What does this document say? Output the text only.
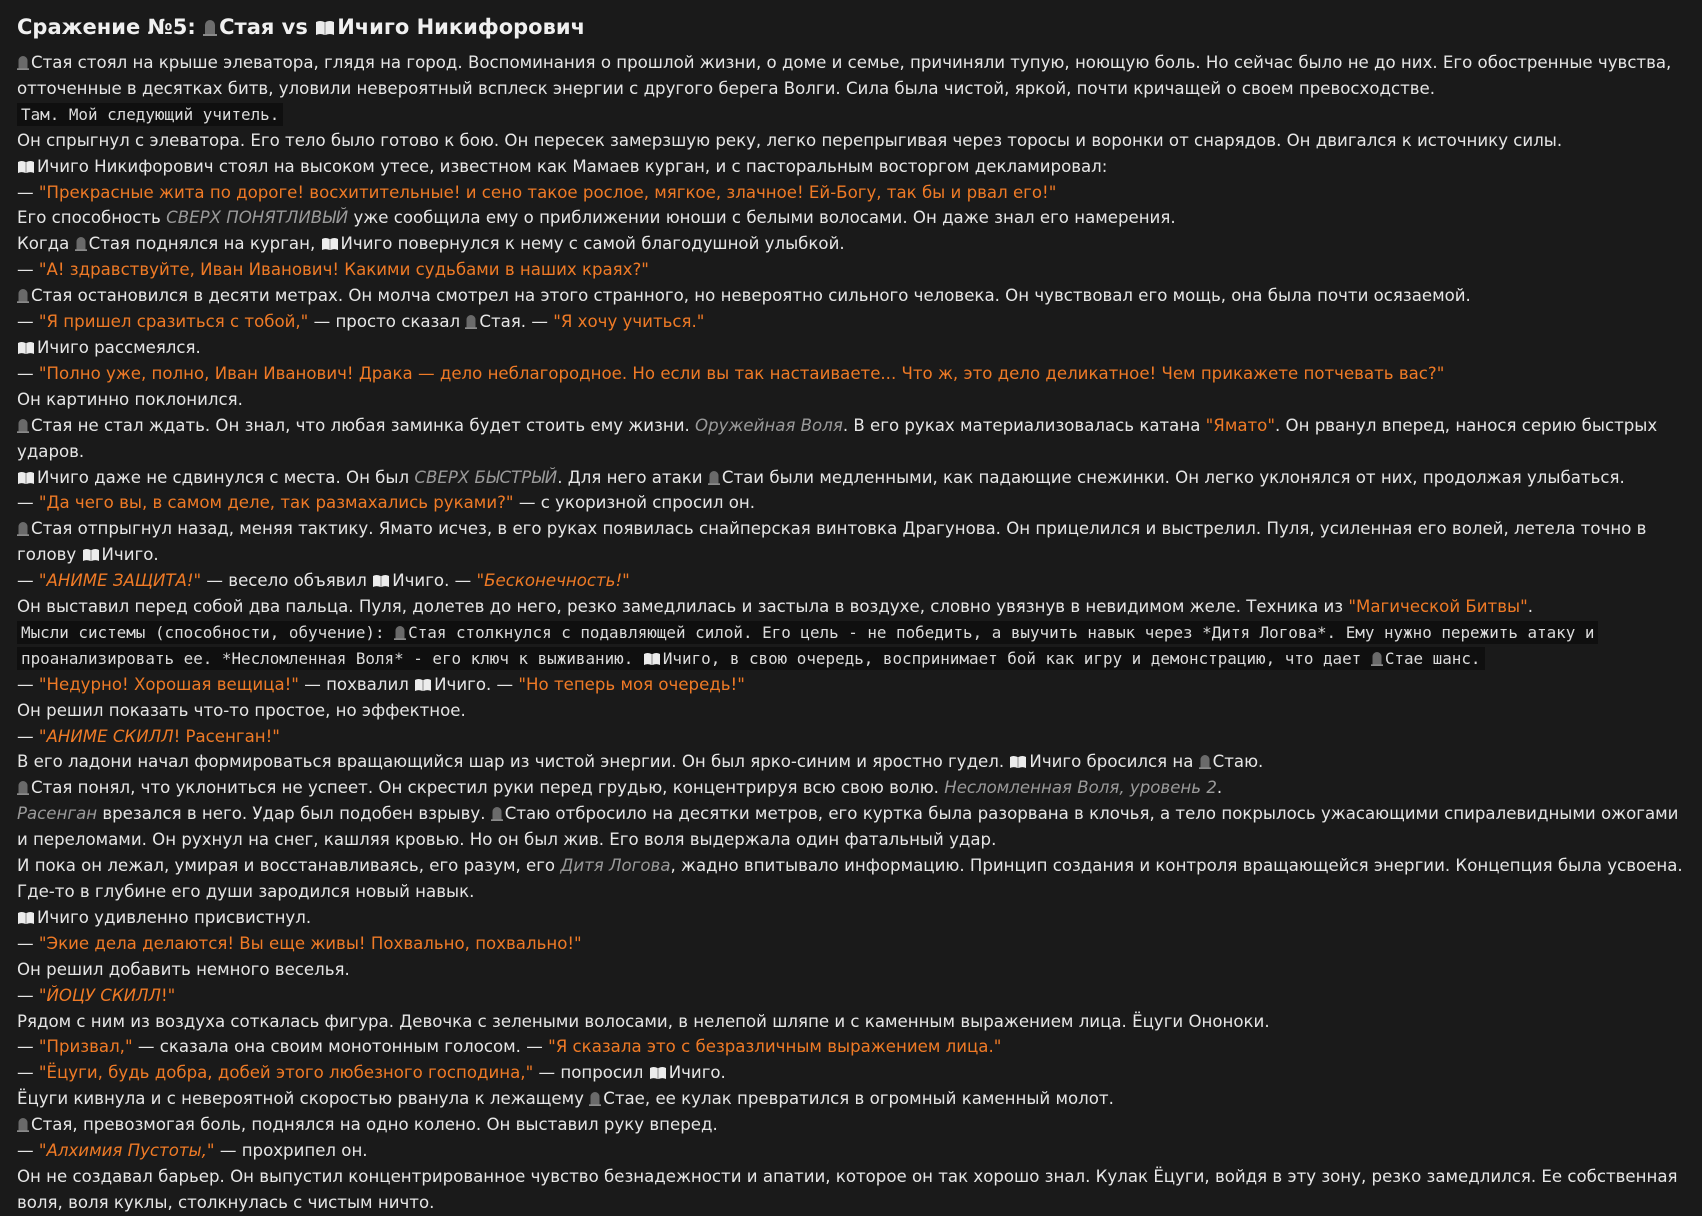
Сражение №5:
Стая vs
Ичиго Никифорович
Стая стоял на крыше элеватора, глядя на город. Воспоминания о прошлой жизни, о доме и семье, причиняли тупую, ноющую боль. Но сейчас было не до них. Его обостренные чувства, отточенные в десятках битв, уловили невероятный всплеск энергии с другого берега Волги. Сила была чистой, яркой, почти кричащей о своем превосходстве.
Там. Мой следующий учитель.
Он спрыгнул с элеватора. Его тело было готово к бою. Он пересек замерзшую реку, легко перепрыгивая через торосы и воронки от снарядов. Он двигался к источнику силы.
Ичиго Никифорович стоял на высоком утесе, известном как Мамаев курган, и с пасторальным восторгом декламировал:
— "Прекрасные жита по дороге! восхитительные! и сено такое рослое, мягкое, злачное! Ей-Богу, так бы и рвал его!"
Его способность СВЕРХ ПОНЯТЛИВЫЙ уже сообщила ему о приближении юноши с белыми волосами. Он даже знал его намерения.
Когда
Стая поднялся на курган,
Ичиго повернулся к нему с самой благодушной улыбкой.
— "А! здравствуйте, Иван Иванович! Какими судьбами в наших краях?"
Стая остановился в десяти метрах. Он молча смотрел на этого странного, но невероятно сильного человека. Он чувствовал его мощь, она была почти осязаемой.
— "Я пришел сразиться с тобой," — просто сказал
Стая. — "Я хочу учиться."
Ичиго рассмеялся.
— "Полно уже, полно, Иван Иванович! Драка — дело неблагородное. Но если вы так настаиваете... Что ж, это дело деликатное! Чем прикажете потчевать вас?"
Он картинно поклонился.
Стая не стал ждать. Он знал, что любая заминка будет стоить ему жизни. Оружейная Воля. В его руках материализовалась катана "Ямато". Он рванул вперед, нанося серию быстрых ударов.
Ичиго даже не сдвинулся с места. Он был СВЕРХ БЫСТРЫЙ. Для него атаки
Стаи были медленными, как падающие снежинки. Он легко уклонялся от них, продолжая улыбаться.
— "Да чего вы, в самом деле, так размахались руками?" — с укоризной спросил он.
Стая отпрыгнул назад, меняя тактику. Ямато исчез, в его руках появилась снайперская винтовка Драгунова. Он прицелился и выстрелил. Пуля, усиленная его волей, летела точно в голову
Ичиго.
— "АНИМЕ ЗАЩИТА!" — весело объявил
Ичиго. — "Бесконечность!"
Он выставил перед собой два пальца. Пуля, долетев до него, резко замедлилась и застыла в воздухе, словно увязнув в невидимом желе. Техника из "Магической Битвы".
Мысли системы (способности, обучение):
Стая столкнулся с подавляющей силой. Его цель - не победить, а выучить навык через *Дитя Логова*. Ему нужно пережить атаку и проанализировать ее. *Несломленная Воля* - его ключ к выживанию.
Ичиго, в свою очередь, воспринимает бой как игру и демонстрацию, что дает
Стае шанс.
— "Недурно! Хорошая вещица!" — похвалил
Ичиго. — "Но теперь моя очередь!"
Он решил показать что-то простое, но эффектное.
— "АНИМЕ СКИЛЛ! Расенган!"
В его ладони начал формироваться вращающийся шар из чистой энергии. Он был ярко-синим и яростно гудел.
Ичиго бросился на
Стаю.
Стая понял, что уклониться не успеет. Он скрестил руки перед грудью, концентрируя всю свою волю. Несломленная Воля, уровень 2.
Расенган врезался в него. Удар был подобен взрыву.
Стаю отбросило на десятки метров, его куртка была разорвана в клочья, а тело покрылось ужасающими спиралевидными ожогами и переломами. Он рухнул на снег, кашляя кровью. Но он был жив. Его воля выдержала один фатальный удар.
И пока он лежал, умирая и восстанавливаясь, его разум, его Дитя Логова, жадно впитывало информацию. Принцип создания и контроля вращающейся энергии. Концепция была усвоена. Где-то в глубине его души зародился новый навык.
Ичиго удивленно присвистнул.
— "Экие дела делаются! Вы еще живы! Похвально, похвально!"
Он решил добавить немного веселья.
— "ЙОЦУ СКИЛЛ!"
Рядом с ним из воздуха соткалась фигура. Девочка с зелеными волосами, в нелепой шляпе и с каменным выражением лица. Ёцуги Ононоки.
— "Призвал," — сказала она своим монотонным голосом. — "Я сказала это с безразличным выражением лица."
— "Ёцуги, будь добра, добей этого любезного господина," — попросил
Ичиго.
Ёцуги кивнула и с невероятной скоростью рванула к лежащему
Стае, ее кулак превратился в огромный каменный молот.
Стая, превозмогая боль, поднялся на одно колено. Он выставил руку вперед.
— "Алхимия Пустоты," — прохрипел он.
Он не создавал барьер. Он выпустил концентрированное чувство безнадежности и апатии, которое он так хорошо знал. Кулак Ёцуги, войдя в эту зону, резко замедлился. Ее собственная воля, воля куклы, столкнулась с чистым ничто.
